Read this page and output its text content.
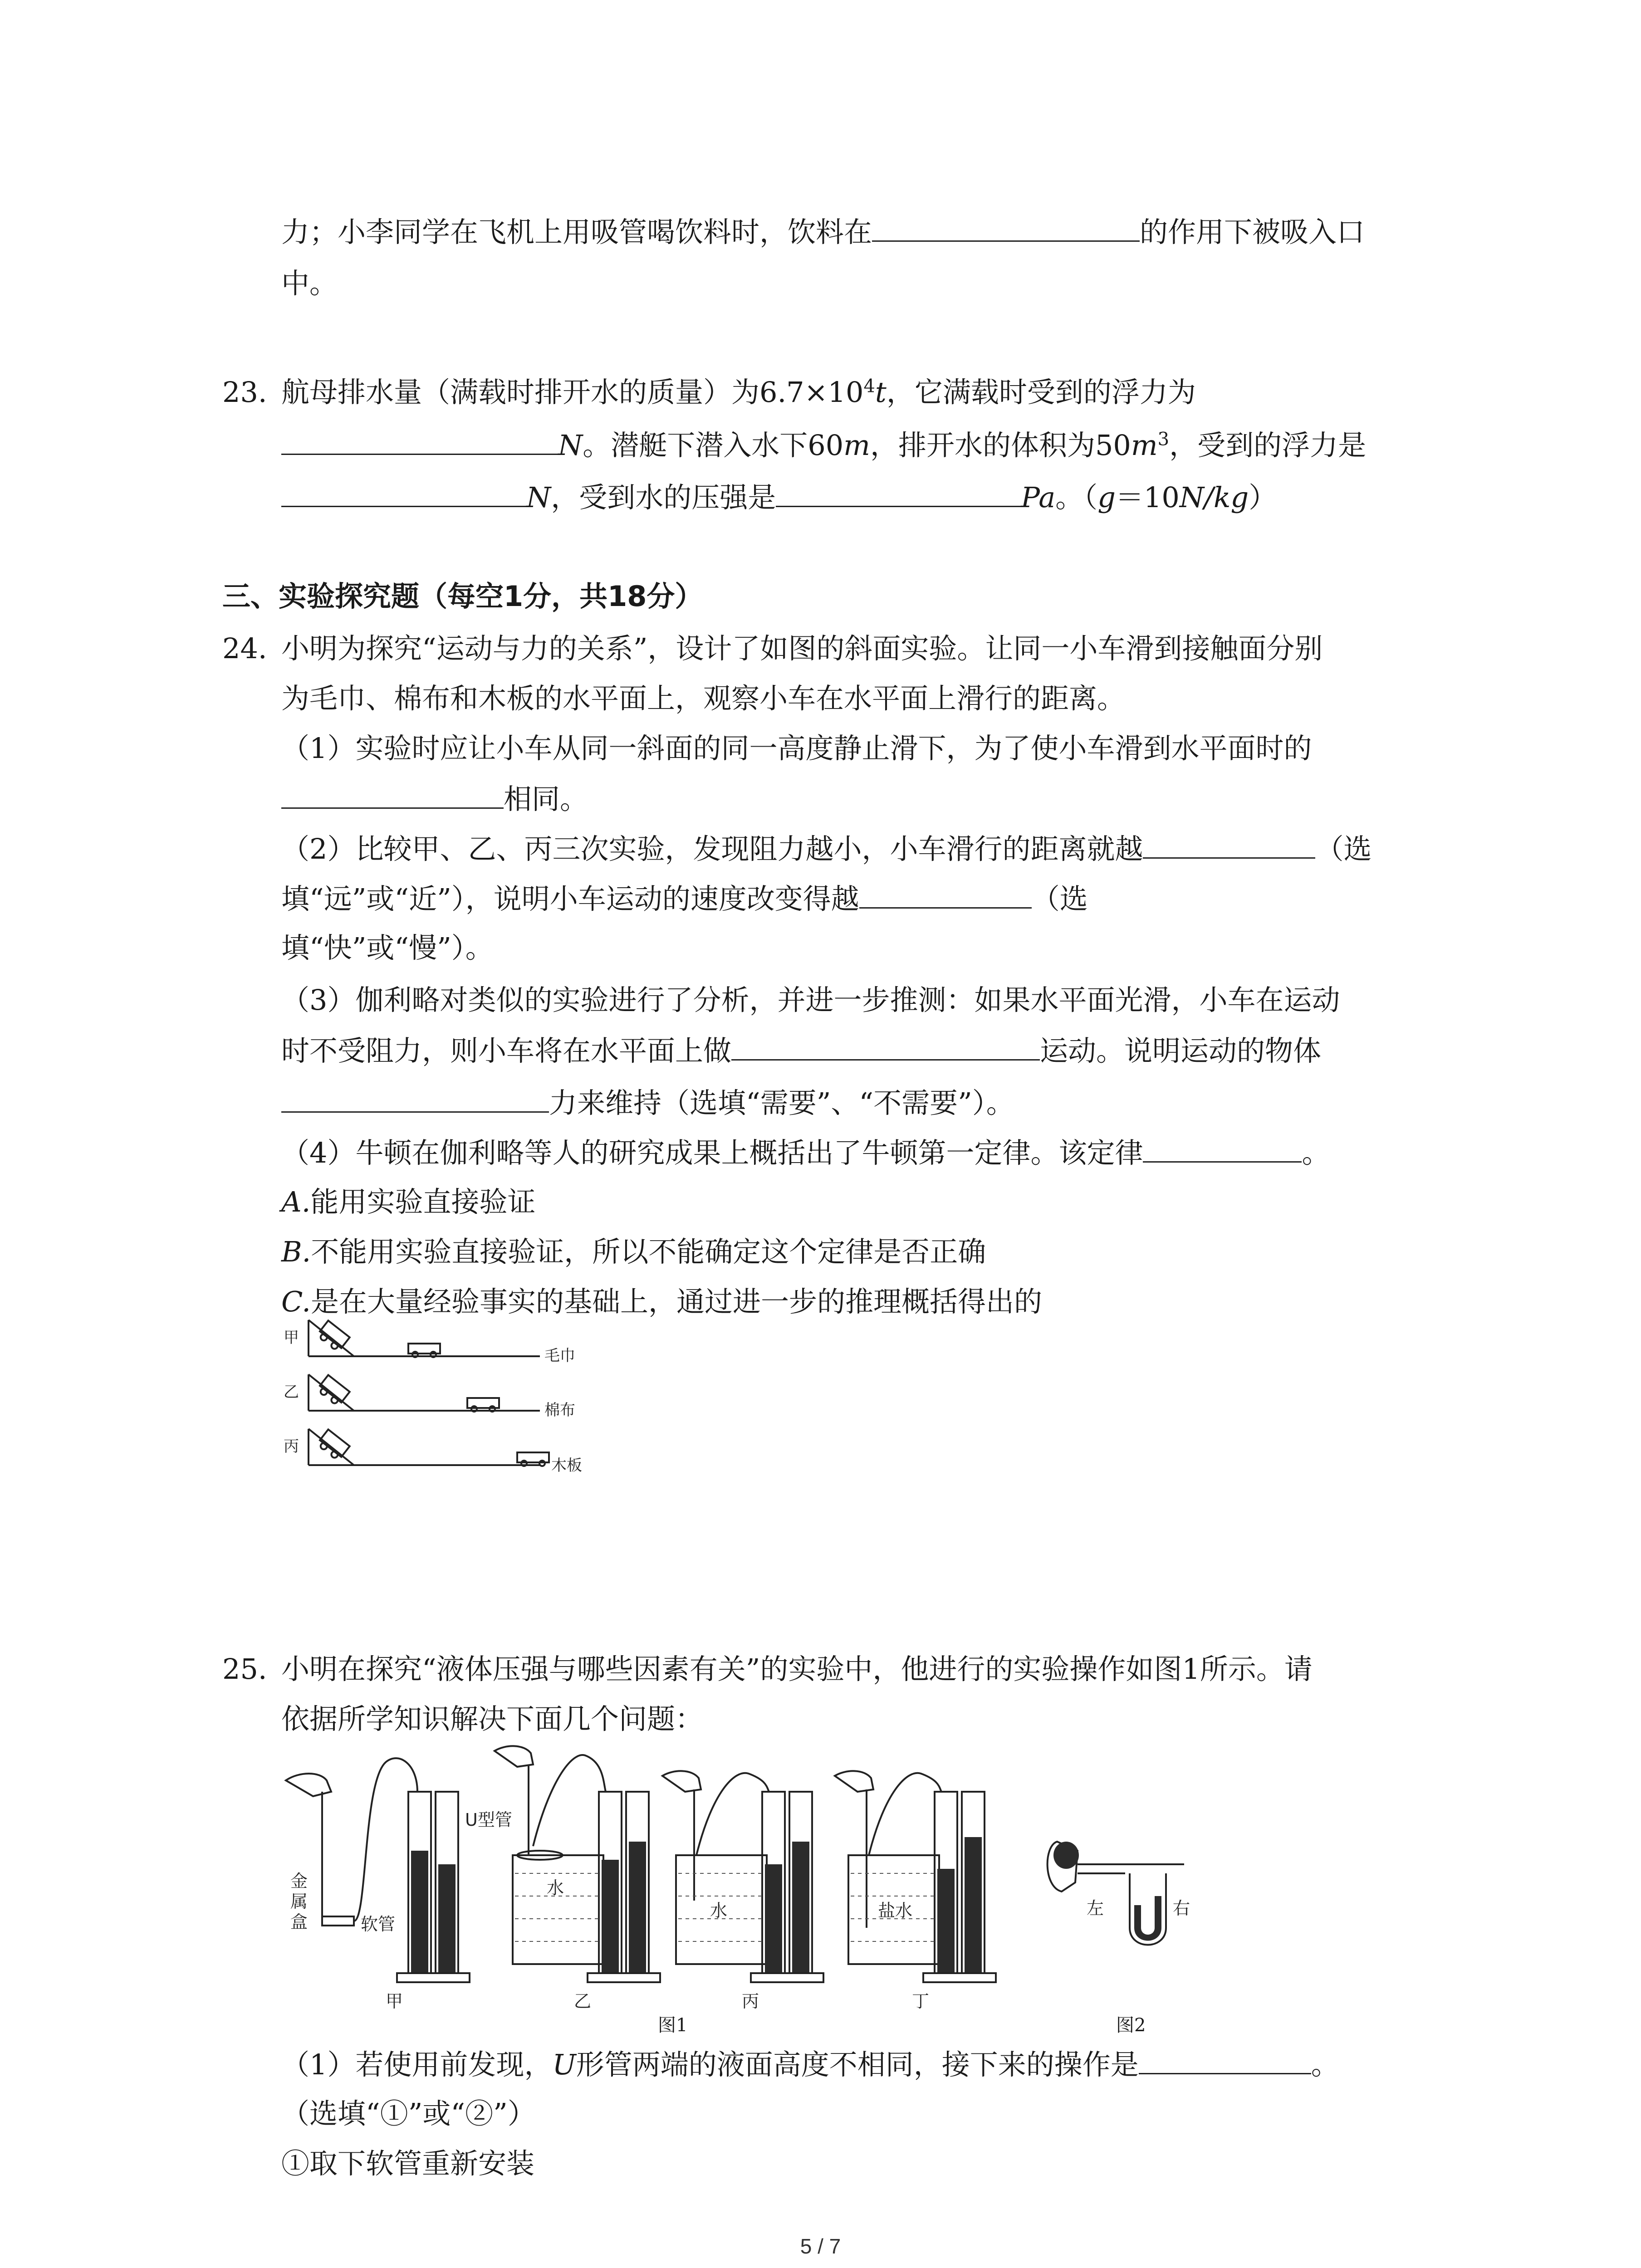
力；小李同学在飞机上用吸管喝饮料时，饮料在	的作用下被吸入口
中。
23. 航母排水量（满载时排开水的质量）为$6.7\times 10^4t$，它满载时受到的浮力为
N。潜艇下潜入水下60m，排开水的体积为$50m^3$，受到的浮力是
N，受到水的压强是	Pa。（g＝10N/kg）
三、实验探究题（每空1分，共18分）
24. 小明为探究“运动与力的关系”，设计了如图的斜面实验。让同一小车滑到接触面分别
为毛巾、棉布和木板的水平面上，观察小车在水平面上滑行的距离。
（1）实验时应让小车从同一斜面的同一高度静止滑下，为了使小车滑到水平面时的
相同。
（2）比较甲、乙、丙三次实验，发现阻力越小，小车滑行的距离就越	（选
填“远”或“近”），说明小车运动的速度改变得越	（选
填“快”或“慢”）。
（3）伽利略对类似的实验进行了分析，并进一步推测：如果水平面光滑，小车在运动
时不受阻力，则小车将在水平面上做	运动。说明运动的物体
力来维持（选填“需要”、“不需要”）。
（4）牛顿在伽利略等人的研究成果上概括出了牛顿第一定律。该定律	。
A.能用实验直接验证
B.不能用实验直接验证，所以不能确定这个定律是否正确
C.是在大量经验事实的基础上，通过进一步的推理概括得出的
甲
毛巾
乙
棉布
丙
木板
25. 小明在探究“液体压强与哪些因素有关”的实验中，他进行的实验操作如图1所示。请
依据所学知识解决下面几个问题：
U型管
金
属
盒	软管
水
水	盐水	左	右
甲	乙	丙	丁
图1	图2
（1）若使用前发现，U形管两端的液面高度不相同，接下来的操作是	。
（选填“①”或“②”）
①取下软管重新安装
5 / 7
